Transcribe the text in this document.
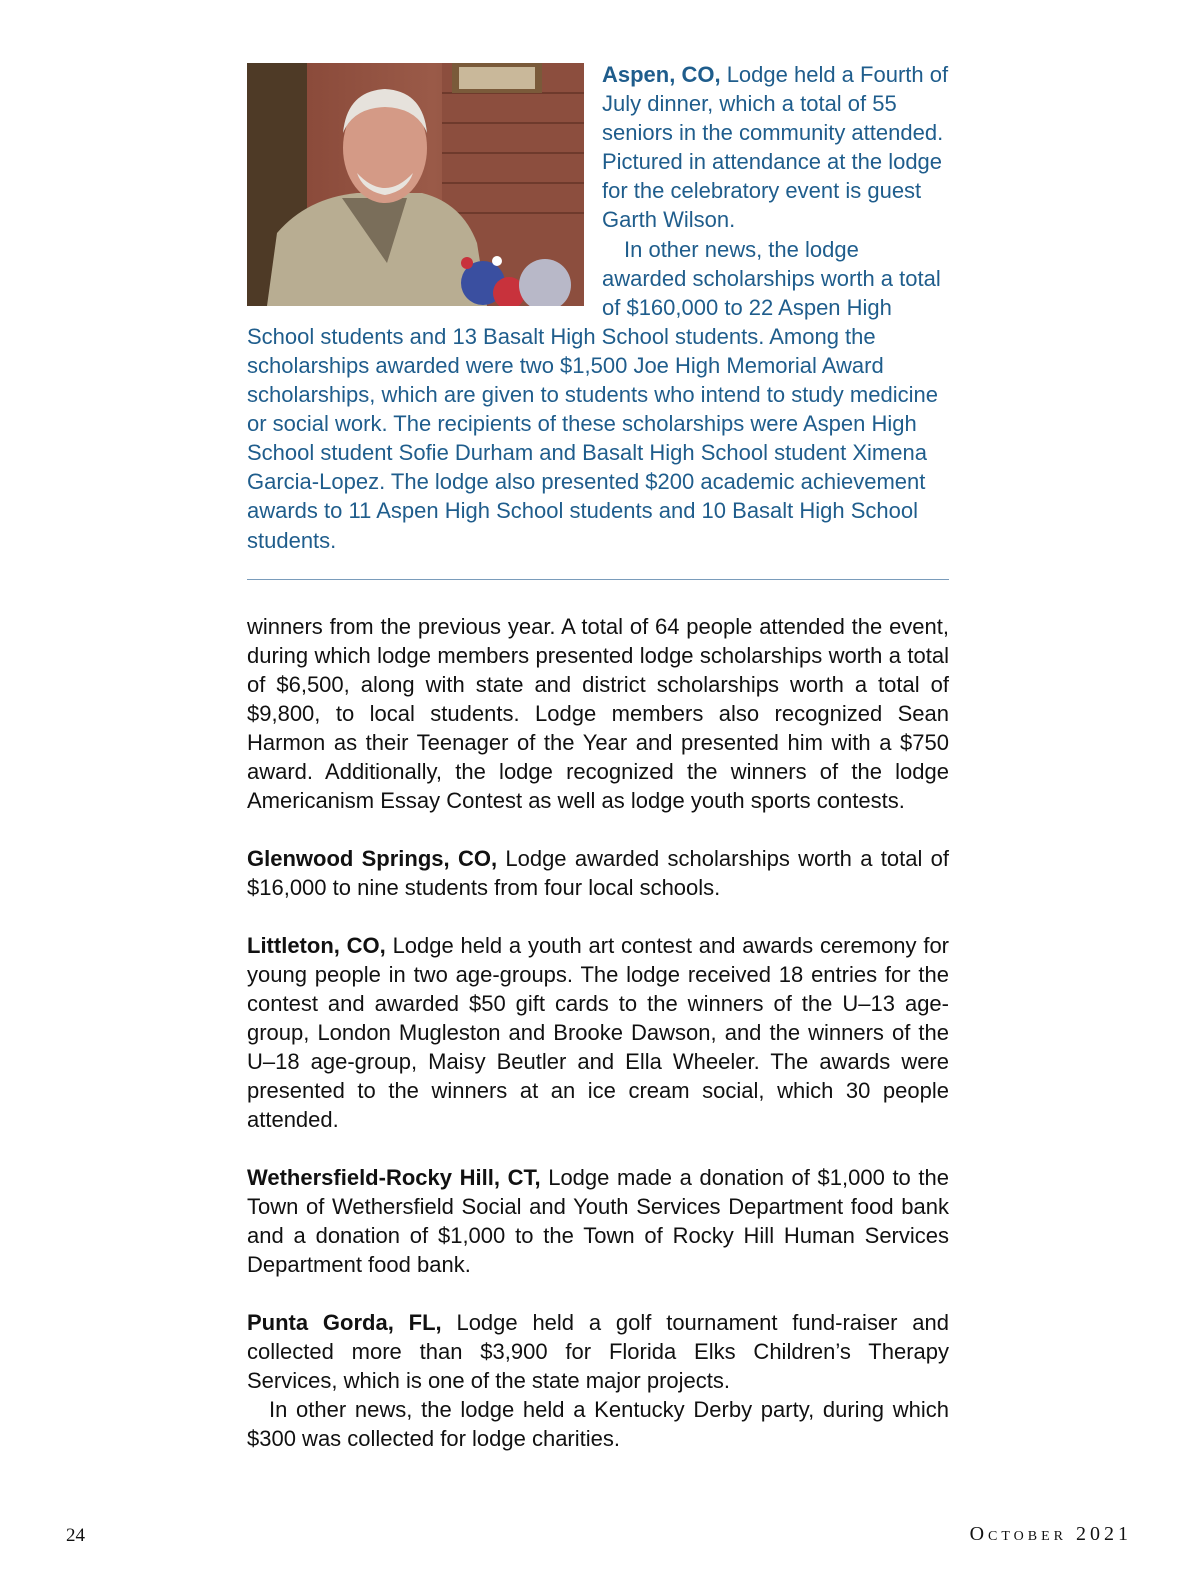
Aspen, CO, Lodge held a Fourth of July dinner, which a total of 55 seniors in the community attended. Pictured in attendance at the lodge for the celebratory event is guest Garth Wilson.

In other news, the lodge awarded scholarships worth a total of $160,000 to 22 Aspen High School students and 13 Basalt High School students. Among the scholarships awarded were two $1,500 Joe High Memorial Award scholarships, which are given to students who intend to study medicine or social work. The recipients of these scholarships were Aspen High School student Sofie Durham and Basalt High School student Ximena Garcia-Lopez. The lodge also presented $200 academic achievement awards to 11 Aspen High School students and 10 Basalt High School students.

winners from the previous year. A total of 64 people attended the event, during which lodge members presented lodge scholarships worth a total of $6,500, along with state and district scholarships worth a total of $9,800, to local students. Lodge members also recognized Sean Harmon as their Teenager of the Year and presented him with a $750 award. Additionally, the lodge recognized the winners of the lodge Americanism Essay Contest as well as lodge youth sports contests.

Glenwood Springs, CO, Lodge awarded scholarships worth a total of $16,000 to nine students from four local schools.

Littleton, CO, Lodge held a youth art contest and awards ceremony for young people in two age-groups. The lodge received 18 entries for the contest and awarded $50 gift cards to the winners of the U–13 age-group, London Mugleston and Brooke Dawson, and the winners of the U–18 age-group, Maisy Beutler and Ella Wheeler. The awards were presented to the winners at an ice cream social, which 30 people attended.

Wethersfield-Rocky Hill, CT, Lodge made a donation of $1,000 to the Town of Wethersfield Social and Youth Services Department food bank and a donation of $1,000 to the Town of Rocky Hill Human Services Department food bank.

Punta Gorda, FL, Lodge held a golf tournament fund-raiser and collected more than $3,900 for Florida Elks Children’s Therapy Services, which is one of the state major projects.

In other news, the lodge held a Kentucky Derby party, during which $300 was collected for lodge charities.

24	October 2021
